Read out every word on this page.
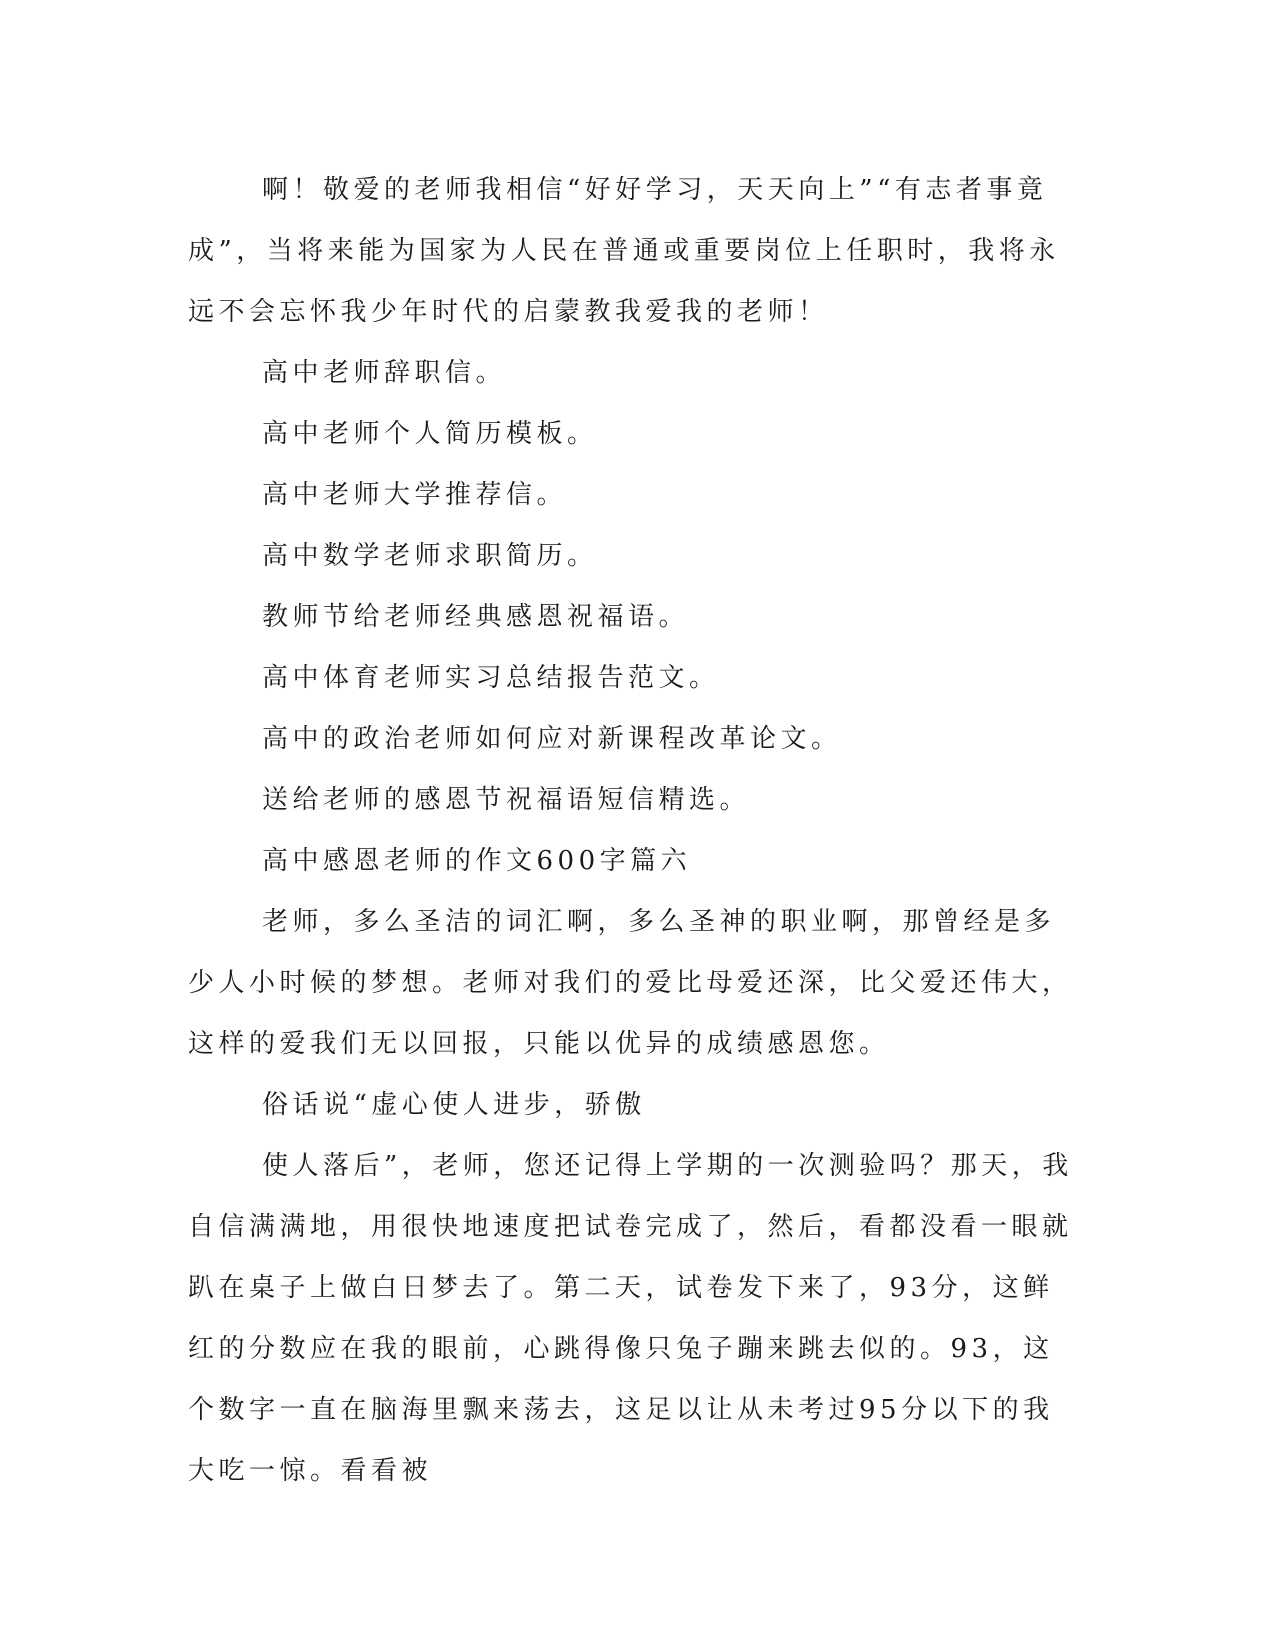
啊！敬爱的老师我相信“好好学习，天天向上”“有志者事竟成”，当将来能为国家为人民在普通或重要岗位上任职时，我将永远不会忘怀我少年时代的启蒙教我爱我的老师！

高中老师辞职信。

高中老师个人简历模板。

高中老师大学推荐信。

高中数学老师求职简历。

教师节给老师经典感恩祝福语。

高中体育老师实习总结报告范文。

高中的政治老师如何应对新课程改革论文。

送给老师的感恩节祝福语短信精选。

高中感恩老师的作文600字篇六

老师，多么圣洁的词汇啊，多么圣神的职业啊，那曾经是多少人小时候的梦想。老师对我们的爱比母爱还深，比父爱还伟大，这样的爱我们无以回报，只能以优异的成绩感恩您。

俗话说“虚心使人进步，骄傲

使人落后”，老师，您还记得上学期的一次测验吗？那天，我自信满满地，用很快地速度把试卷完成了，然后，看都没看一眼就趴在桌子上做白日梦去了。第二天，试卷发下来了，93分，这鲜红的分数应在我的眼前，心跳得像只兔子蹦来跳去似的。93，这个数字一直在脑海里飘来荡去，这足以让从未考过95分以下的我大吃一惊。看看被
